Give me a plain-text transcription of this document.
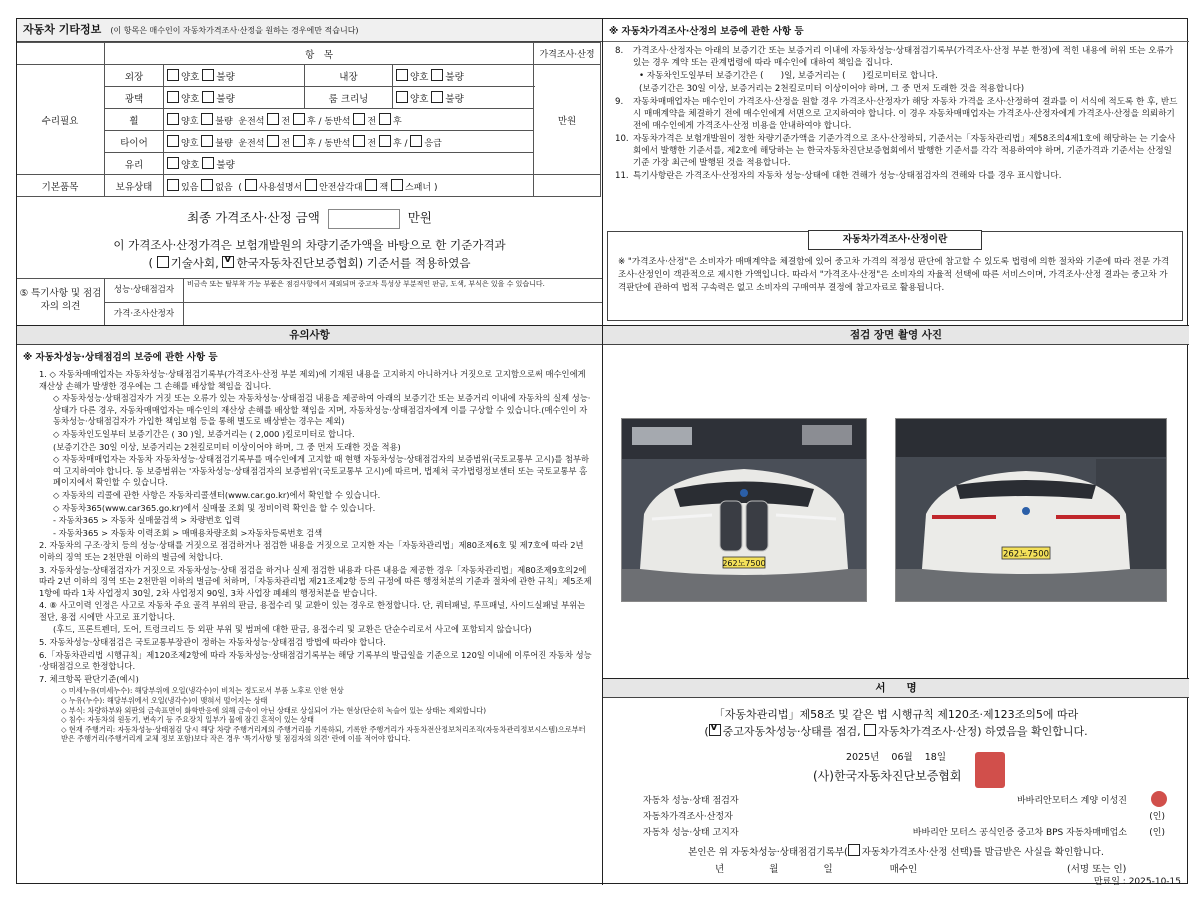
자동차 기타정보 (이 항목은 매수인이 자동차가격조사·산정을 원하는 경우에만 적습니다)
	항　목				가격조사·산정
수리필요	외장	양호 불량	내장	양호 불량	만원
	광택	양호 불량	룸 크리닝	양호 불량	
	휠	양호 불량 운전석 전 후 / 동반석 전 후			
	타이어	양호 불량 운전석 전 후 / 동반석 전 후 / 응급			
	유리	양호 불량			
기본품목	보유상태	있음 없음  ( 사용설명서 안전삼각대 잭 스패너 )			
최종 가격조사·산정 금액	만원
이 가격조사·산정가격은 보험개발원의 차량기준가액을 바탕으로 한 기준가격과
( 기술사회, v 한국자동차진단보증협회) 기준서를 적용하였음
⑤ 특기사항 및 점검자의 의견
성능·상태점검자
비금속 또는 탈부착 가능 부품은 점검사항에서 제외되며 중고차 특성상 부분적인 판금, 도색, 부식은 있을 수 있습니다.
가격·조사산정자
※ 자동차가격조사·산정의 보증에 관한 사항 등
8.	가격조사·산정자는 아래의 보증기간 또는 보증거리 이내에 자동차성능·상태점검기록부(가격조사·산정 부분 한정)에 적힌 내용에 허위 또는 오류가 있는 경우 계약 또는 관계법령에 따라 매수인에 대하여 책임을 집니다.
• 자동차인도일부터 보증기간은 (　　)일, 보증거리는 (　　)킬로미터로 합니다.
(보증기간은 30일 이상, 보증거리는 2천킬로미터 이상이어야 하며, 그 중 먼저 도래한 것을 적용합니다)
9.	자동차매매업자는 매수인이 가격조사·산정을 원할 경우 가격조사·산정자가 해당 자동차 가격을 조사·산정하여 결과를 이 서식에 적도록 한 후, 반드시 매매계약을 체결하기 전에 매수인에게 서면으로 고지하여야 합니다. 이 경우 자동차매매업자는 가격조사·산정자에게 가격조사·산정을 의뢰하기 전에 매수인에게 가격조사·산정 비용을 안내하여야 합니다.
10. 자동차가격은 보험개발원이 정한 차량기준가액을 기준가격으로 조사·산정하되, 기준서는「자동차관리법」제58조의4제1호에 해당하는 는 기술사회에서 발행한 기준서를, 제2호에 해당하는 는 한국자동차진단보증협회에서 발행한 기준서를 각각 적용하여야 하며, 기준가격과 기준서는 산정일 기준 가장 최근에 발행된 것을 적용합니다.
11. 특기사항란은 가격조사·산정자의 자동차 성능·상태에 대한 견해가 성능·상태점검자의 견해와 다를 경우 표시합니다.
자동차가격조사·산정이란
※ "가격조사·산정"은 소비자가 매매계약을 체결함에 있어 중고차 가격의 적정성 판단에 참고할 수 있도록 법령에 의한 절차와 기준에 따라 전문 가격조사·산정인이 객관적으로 제시한 가액입니다. 따라서 "가격조사·산정"은 소비자의 자율적 선택에 따른 서비스이며, 가격조사·산정 결과는 중고차 가격판단에 관하여 법적 구속력은 없고 소비자의 구매여부 결정에 참고자료로 활용됩니다.
유의사항
※ 자동차성능·상태점검의 보증에 관한 사항 등

1. ◇ 자동차매매업자는 자동차성능·상태점검기록부(가격조사·산정 부분 제외)에 기재된 내용을 고지하지 아니하거나 거짓으로 고지함으로써 매수인에게 재산상 손해가 발생한 경우에는 그 손해를 배상할 책임을 집니다.

◇ 자동차성능·상태점검자가 거짓 또는 오류가 있는 자동차성능·상태점검 내용을 제공하여 아래의 보증기간 또는 보증거리 이내에 자동차의 실제 성능·상태가 다른 경우, 자동차매매업자는 매수인의 재산상 손해를 배상할 책임을 지며, 자동차성능·상태점검자에게 이를 구상할 수 있습니다.(매수인이 자동차성능·상태점검자가 가입한 책임보험 등을 통해 별도로 배상받는 경우는 제외)

◇ 자동차인도일부터 보증기간은 ( 30 )일, 보증거리는 ( 2,000 )킬로미터로 합니다.

(보증기간은 30일 이상, 보증거리는 2천킬로미터 이상이어야 하며, 그 중 먼저 도래한 것을 적용)

◇ 자동차매매업자는 자동차 자동차성능·상태점검기록부를 매수인에게 고지할 때 현행 자동차성능·상태점검자의 보증범위(국토교통부 고시)를 첨부하여 고지하여야 합니다. 동 보증범위는 '자동차성능·상태점검자의 보증범위'(국토교통부 고시)에 따르며, 법제처 국가법령정보센터 또는 국토교통부 홈페이지에서 확인할 수 있습니다.

◇ 자동차의 리콜에 관한 사항은 자동차리콜센터(www.car.go.kr)에서 확인할 수 있습니다.

◇ 자동차365(www.car365.go.kr)에서 실매물 조회 및 정비이력 확인을 할 수 있습니다.

- 자동차365 > 자동차 실매물검색 > 차량번호 입력

- 자동차365 > 자동차 이력조회 > 매매용차량조회 >자동차등록번호 검색

2. 자동차의 구조·장치 등의 성능·상태를 거짓으로 점검하거나 점검한 내용을 거짓으로 고지한 자는「자동차관리법」제80조제6호 및 제7호에 따라 2년 이하의 징역 또는 2천만원 이하의 벌금에 처합니다.

3. 자동차성능·상태점검자가 거짓으로 자동차성능·상태 점검을 하거나 실제 점검한 내용과 다른 내용을 제공한 경우「자동차관리법」제80조제9호의2에 따라 2년 이하의 징역 또는 2천만원 이하의 벌금에 처하며,「자동차관리법 제21조제2항 등의 규정에 따른 행정처분의 기준과 절차에 관한 규칙」제5조제1항에 따라 1차 사업정지 30일, 2차 사업정지 90일, 3차 사업장 폐쇄의 행정처분을 받습니다.

4. ⑧ 사고이력 인정은 사고로 자동차 주요 골격 부위의 판금, 용접수리 및 교환이 있는 경우로 한정합니다. 단, 쿼터패널, 루프패널, 사이드실패널 부위는 절단, 용접 시에만 사고로 표기합니다.

(후드, 프론트펜더, 도어, 트렁크리드 등 외판 부위 및 범퍼에 대한 판금, 용접수리 및 교환은 단순수리로서 사고에 포함되지 않습니다)

5. 자동차성능·상태점검은 국토교통부장관이 정하는 자동차성능·상태점검 방법에 따라야 합니다.

6.「자동차관리법 시행규칙」제120조제2항에 따라 자동차성능·상태점검기록부는 해당 기록부의 발급일을 기준으로 120일 이내에 이루어진 자동차 성능·상태점검으로 한정합니다.

7. 체크항목 판단기준(예시)

◇ 미세누유(미세누수): 해당부위에 오일(냉각수)이 비치는 정도로서 부품 노후로 인한 현상

◇ 누유(누수): 해당부위에서 오일(냉각수)이 맺혀서 떨어지는 상태

◇ 부식: 차량하부와 외판의 금속표면이 화학반응에 의해 금속이 아닌 상태로 상실되어 가는 현상(단순히 녹슬어 있는 상태는 제외합니다)

◇ 침수: 자동차의 원동기, 변속기 등 주요장치 일부가 물에 잠긴 흔적이 있는 상태

◇ 현재 주행거리: 자동차성능·상태점검 당시 해당 차량 주행거리계의 주행거리를 기록하되, 기록한 주행거리가 자동차전산정보처리조직(자동차관리정보시스템)으로부터 받은 주행거리(주행거리계 교체 정보 포함)보다 작은 경우 '특기사항 및 점검자의 의견' 란에 이를 적어야 합니다.

점검 장면 촬영 사진
262노7500
262노7500
서　　명
「자동차관리법」제58조 및 같은 법 시행규칙 제120조·제123조의5에 따라
( v 중고자동차성능·상태를 점검, 자동차가격조사·산정) 하였음을 확인합니다.
2025년 06월 18일
(사)한국자동차진단보증협회
자동차 성능·상태 점검자	바바리안모터스 계양 이성진
자동차가격조사·산정자	(인)
자동차 성능·상태 고지자	바바리안 모터스 공식인증 중고차 BPS 자동차매매업소 (인)
본인은 위 자동차성능·상태점검기록부( 자동차가격조사·산정 선택)를 발급받은 사실을 확인합니다.
년	월	일	매수인	(서명 또는 인)
만료일 : 2025-10-15
